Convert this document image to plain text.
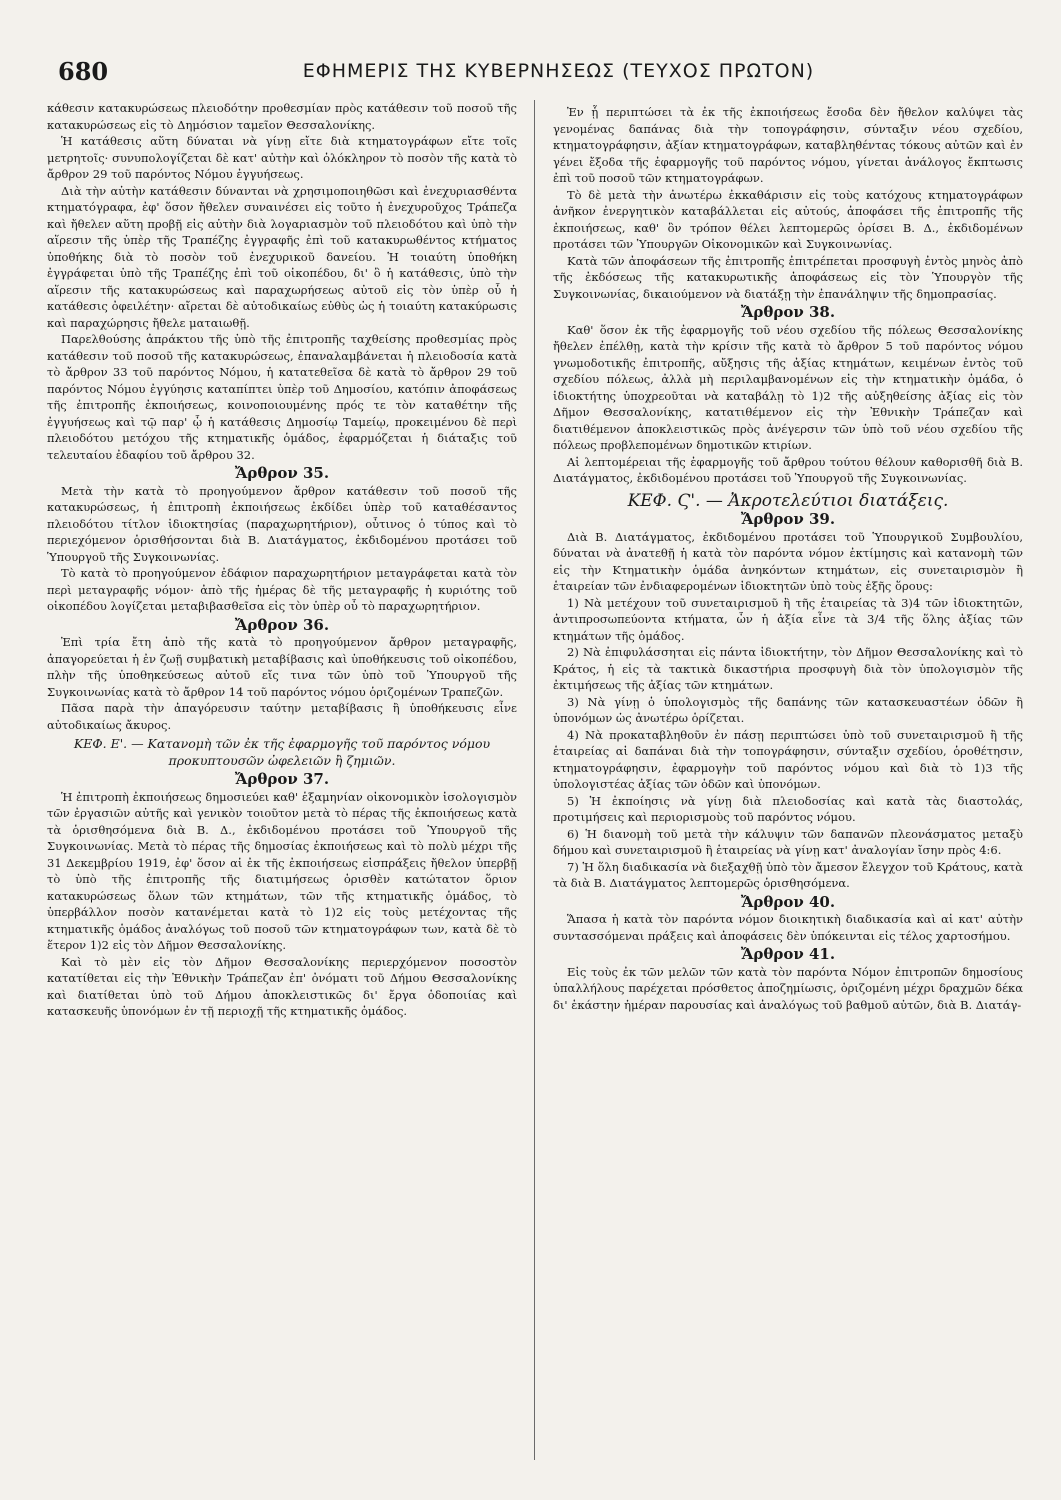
680	ΕΦΗΜΕΡΙΣ ΤΗΣ ΚΥΒΕΡΝΗΣΕΩΣ (ΤΕΥΧΟΣ ΠΡΩΤΟΝ)

κάθεσιν κατακυρώσεως πλειοδότην προθεσμίαν πρὸς κατάθεσιν τοῦ ποσοῦ τῆς κατακυρώσεως εἰς τὸ Δημόσιον ταμεῖον Θεσσαλονίκης.

Ἡ κατάθεσις αὕτη δύναται νὰ γίνῃ εἴτε διὰ κτηματογράφων εἴτε τοῖς μετρητοῖς· συνυπολογίζεται δὲ κατ' αὐτὴν καὶ ὁλόκληρον τὸ ποσὸν τῆς κατὰ τὸ ἄρθρον 29 τοῦ παρόντος Νόμου ἐγγυήσεως.

Διὰ τὴν αὐτὴν κατάθεσιν δύνανται νὰ χρησιμοποιηθῶσι καὶ ἐνεχυριασθέντα κτηματόγραφα, ἐφ' ὅσον ἤθελεν συναινέσει εἰς τοῦτο ἡ ἐνεχυροῦχος Τράπεζα καὶ ἤθελεν αὕτη προβῇ εἰς αὐτὴν διὰ λογαριασμὸν τοῦ πλειοδότου καὶ ὑπὸ τὴν αἵρεσιν τῆς ὑπὲρ τῆς Τραπέζης ἐγγραφῆς ἐπὶ τοῦ κατακυρωθέντος κτήματος ὑποθήκης διὰ τὸ ποσὸν τοῦ ἐνεχυρικοῦ δανείου. Ἡ τοιαύτη ὑποθήκη ἐγγράφεται ὑπὸ τῆς Τραπέζης ἐπὶ τοῦ οἰκοπέδου, δι' ὃ ἡ κατάθεσις, ὑπὸ τὴν αἵρεσιν τῆς κατακυρώσεως καὶ παραχωρήσεως αὐτοῦ εἰς τὸν ὑπὲρ οὗ ἡ κατάθεσις ὀφειλέτην· αἴρεται δὲ αὐτοδικαίως εὐθὺς ὡς ἡ τοιαύτη κατακύρωσις καὶ παραχώρησις ἤθελε ματαιωθῇ.

Παρελθούσης ἀπράκτου τῆς ὑπὸ τῆς ἐπιτροπῆς ταχθείσης προθεσμίας πρὸς κατάθεσιν τοῦ ποσοῦ τῆς κατακυρώσεως, ἐπαναλαμβάνεται ἡ πλειοδοσία κατὰ τὸ ἄρθρον 33 τοῦ παρόντος Νόμου, ἡ κατατεθεῖσα δὲ κατὰ τὸ ἄρθρον 29 τοῦ παρόντος Νόμου ἐγγύησις καταπίπτει ὑπὲρ τοῦ Δημοσίου, κατόπιν ἀποφάσεως τῆς ἐπιτροπῆς ἐκποιήσεως, κοινοποιουμένης πρός τε τὸν καταθέτην τῆς ἐγγυήσεως καὶ τῷ παρ' ᾧ ἡ κατάθεσις Δημοσίῳ Ταμείῳ, προκειμένου δὲ περὶ πλειοδότου μετόχου τῆς κτηματικῆς ὁμάδος, ἐφαρμόζεται ἡ διάταξις τοῦ τελευταίου ἐδαφίου τοῦ ἄρθρου 32.

Ἄρθρον 35.

Μετὰ τὴν κατὰ τὸ προηγούμενον ἄρθρον κατάθεσιν τοῦ ποσοῦ τῆς κατακυρώσεως, ἡ ἐπιτροπὴ ἐκποιήσεως ἐκδίδει ὑπὲρ τοῦ καταθέσαντος πλειοδότου τίτλον ἰδιοκτησίας (παραχωρητήριον), οὗτινος ὁ τύπος καὶ τὸ περιεχόμενον ὁρισθήσονται διὰ Β. Διατάγματος, ἐκδιδομένου προτάσει τοῦ Ὑπουργοῦ τῆς Συγκοινωνίας.

Τὸ κατὰ τὸ προηγούμενον ἐδάφιον παραχωρητήριον μεταγράφεται κατὰ τὸν περὶ μεταγραφῆς νόμον· ἀπὸ τῆς ἡμέρας δὲ τῆς μεταγραφῆς ἡ κυριότης τοῦ οἰκοπέδου λογίζεται μεταβιβασθεῖσα εἰς τὸν ὑπὲρ οὗ τὸ παραχωρητήριον.

Ἄρθρον 36.

Ἐπὶ τρία ἔτη ἀπὸ τῆς κατὰ τὸ προηγούμενον ἄρθρον μεταγραφῆς, ἀπαγορεύεται ἡ ἐν ζωῇ συμβατικὴ μεταβίβασις καὶ ὑποθήκευσις τοῦ οἰκοπέδου, πλὴν τῆς ὑποθηκεύσεως αὐτοῦ εἴς τινα τῶν ὑπὸ τοῦ Ὑπουργοῦ τῆς Συγκοινωνίας κατὰ τὸ ἄρθρον 14 τοῦ παρόντος νόμου ὁριζομένων Τραπεζῶν.

Πᾶσα παρὰ τὴν ἀπαγόρευσιν ταύτην μεταβίβασις ἢ ὑποθήκευσις εἶνε αὐτοδικαίως ἄκυρος.

ΚΕΦ. Ε'. — Κατανομὴ τῶν ἐκ τῆς ἐφαρμογῆς τοῦ παρόντος νόμου προκυπτουσῶν ὠφελειῶν ἢ ζημιῶν.
Ἄρθρον 37.

Ἡ ἐπιτροπὴ ἐκποιήσεως δημοσιεύει καθ' ἑξαμηνίαν οἰκονομικὸν ἰσολογισμὸν τῶν ἐργασιῶν αὐτῆς καὶ γενικὸν τοιοῦτον μετὰ τὸ πέρας τῆς ἐκποιήσεως κατὰ τὰ ὁρισθησόμενα διὰ Β. Δ., ἐκδιδομένου προτάσει τοῦ Ὑπουργοῦ τῆς Συγκοινωνίας. Μετὰ τὸ πέρας τῆς δημοσίας ἐκποιήσεως καὶ τὸ πολὺ μέχρι τῆς 31 Δεκεμβρίου 1919, ἐφ' ὅσον αἱ ἐκ τῆς ἐκποιήσεως εἰσπράξεις ἤθελον ὑπερβῇ τὸ ὑπὸ τῆς ἐπιτροπῆς τῆς διατιμήσεως ὁρισθὲν κατώτατον ὅριον κατακυρώσεως ὅλων τῶν κτημάτων, τῶν τῆς κτηματικῆς ὁμάδος, τὸ ὑπερβάλλον ποσὸν κατανέμεται κατὰ τὸ 1)2 εἰς τοὺς μετέχοντας τῆς κτηματικῆς ὁμάδος ἀναλόγως τοῦ ποσοῦ τῶν κτηματογράφων των, κατὰ δὲ τὸ ἕτερον 1)2 εἰς τὸν Δῆμον Θεσσαλονίκης.

Καὶ τὸ μὲν εἰς τὸν Δῆμον Θεσσαλονίκης περιερχόμενον ποσοστὸν κατατίθεται εἰς τὴν Ἐθνικὴν Τράπεζαν ἐπ' ὀνόματι τοῦ Δήμου Θεσσαλονίκης καὶ διατίθεται ὑπὸ τοῦ Δήμου ἀποκλειστικῶς δι' ἔργα ὁδοποιίας καὶ κατασκευῆς ὑπονόμων ἐν τῇ περιοχῇ τῆς κτηματικῆς ὁμάδος.

Ἐν ᾗ περιπτώσει τὰ ἐκ τῆς ἐκποιήσεως ἔσοδα δὲν ἤθελον καλύψει τὰς γενομένας δαπάνας διὰ τὴν τοπογράφησιν, σύνταξιν νέου σχεδίου, κτηματογράφησιν, ἀξίαν κτηματογράφων, καταβληθέντας τόκους αὐτῶν καὶ ἐν γένει ἔξοδα τῆς ἐφαρμογῆς τοῦ παρόντος νόμου, γίνεται ἀνάλογος ἔκπτωσις ἐπὶ τοῦ ποσοῦ τῶν κτηματογράφων.

Τὸ δὲ μετὰ τὴν ἀνωτέρω ἐκκαθάρισιν εἰς τοὺς κατόχους κτηματογράφων ἀνῆκον ἐνεργητικὸν καταβάλλεται εἰς αὐτούς, ἀποφάσει τῆς ἐπιτροπῆς τῆς ἐκποιήσεως, καθ' ὃν τρόπον θέλει λεπτομερῶς ὁρίσει Β. Δ., ἐκδιδομένων προτάσει τῶν Ὑπουργῶν Οἰκονομικῶν καὶ Συγκοινωνίας.

Κατὰ τῶν ἀποφάσεων τῆς ἐπιτροπῆς ἐπιτρέπεται προσφυγὴ ἐντὸς μηνὸς ἀπὸ τῆς ἐκδόσεως τῆς κατακυρωτικῆς ἀποφάσεως εἰς τὸν Ὑπουργὸν τῆς Συγκοινωνίας, δικαιούμενον νὰ διατάξῃ τὴν ἐπανάληψιν τῆς δημοπρασίας.

Ἄρθρον 38.

Καθ' ὅσον ἐκ τῆς ἐφαρμογῆς τοῦ νέου σχεδίου τῆς πόλεως Θεσσαλονίκης ἤθελεν ἐπέλθῃ, κατὰ τὴν κρίσιν τῆς κατὰ τὸ ἄρθρον 5 τοῦ παρόντος νόμου γνωμοδοτικῆς ἐπιτροπῆς, αὔξησις τῆς ἀξίας κτημάτων, κειμένων ἐντὸς τοῦ σχεδίου πόλεως, ἀλλὰ μὴ περιλαμβανομένων εἰς τὴν κτηματικὴν ὁμάδα, ὁ ἰδιοκτήτης ὑποχρεοῦται νὰ καταβάλῃ τὸ 1)2 τῆς αὐξηθείσης ἀξίας εἰς τὸν Δῆμον Θεσσαλονίκης, κατατιθέμενον εἰς τὴν Ἐθνικὴν Τράπεζαν καὶ διατιθέμενον ἀποκλειστικῶς πρὸς ἀνέγερσιν τῶν ὑπὸ τοῦ νέου σχεδίου τῆς πόλεως προβλεπομένων δημοτικῶν κτιρίων.

Αἱ λεπτομέρειαι τῆς ἐφαρμογῆς τοῦ ἄρθρου τούτου θέλουν καθορισθῆ διὰ Β. Διατάγματος, ἐκδιδομένου προτάσει τοῦ Ὑπουργοῦ τῆς Συγκοινωνίας.

ΚΕΦ. Ϛ'. — Ἀκροτελεύτιοι διατάξεις.
Ἄρθρον 39.

Διὰ Β. Διατάγματος, ἐκδιδομένου προτάσει τοῦ Ὑπουργικοῦ Συμβουλίου, δύναται νὰ ἀνατεθῇ ἡ κατὰ τὸν παρόντα νόμον ἐκτίμησις καὶ κατανομὴ τῶν εἰς τὴν Κτηματικὴν ὁμάδα ἀνηκόντων κτημάτων, εἰς συνεταιρισμὸν ἢ ἑταιρείαν τῶν ἐνδιαφερομένων ἰδιοκτητῶν ὑπὸ τοὺς ἑξῆς ὅρους:

1) Νὰ μετέχουν τοῦ συνεταιρισμοῦ ἢ τῆς ἑταιρείας τὰ 3)4 τῶν ἰδιοκτητῶν, ἀντιπροσωπεύοντα κτήματα, ὧν ἡ ἀξία εἶνε τὰ 3/4 τῆς ὅλης ἀξίας τῶν κτημάτων τῆς ὁμάδος.

2) Νὰ ἐπιφυλάσσηται εἰς πάντα ἰδιοκτήτην, τὸν Δῆμον Θεσσαλονίκης καὶ τὸ Κράτος, ἡ εἰς τὰ τακτικὰ δικαστήρια προσφυγὴ διὰ τὸν ὑπολογισμὸν τῆς ἐκτιμήσεως τῆς ἀξίας τῶν κτημάτων.

3) Νὰ γίνῃ ὁ ὑπολογισμὸς τῆς δαπάνης τῶν κατασκευαστέων ὁδῶν ἢ ὑπονόμων ὡς ἀνωτέρω ὁρίζεται.

4) Νὰ προκαταβληθοῦν ἐν πάσῃ περιπτώσει ὑπὸ τοῦ συνεταιρισμοῦ ἢ τῆς ἑταιρείας αἱ δαπάναι διὰ τὴν τοπογράφησιν, σύνταξιν σχεδίου, ὁροθέτησιν, κτηματογράφησιν, ἐφαρμογὴν τοῦ παρόντος νόμου καὶ διὰ τὸ 1)3 τῆς ὑπολογιστέας ἀξίας τῶν ὁδῶν καὶ ὑπονόμων.

5) Ἡ ἐκποίησις νὰ γίνῃ διὰ πλειοδοσίας καὶ κατὰ τὰς διαστολάς, προτιμήσεις καὶ περιορισμοὺς τοῦ παρόντος νόμου.

6) Ἡ διανομὴ τοῦ μετὰ τὴν κάλυψιν τῶν δαπανῶν πλεονάσματος μεταξὺ δήμου καὶ συνεταιρισμοῦ ἢ ἑταιρείας νὰ γίνῃ κατ' ἀναλογίαν ἴσην πρὸς 4:6.

7) Ἡ ὅλη διαδικασία νὰ διεξαχθῇ ὑπὸ τὸν ἄμεσον ἔλεγχον τοῦ Κράτους, κατὰ τὰ διὰ Β. Διατάγματος λεπτομερῶς ὁρισθησόμενα.

Ἄρθρον 40.

Ἅπασα ἡ κατὰ τὸν παρόντα νόμον διοικητικὴ διαδικασία καὶ αἱ κατ' αὐτὴν συντασσόμεναι πράξεις καὶ ἀποφάσεις δὲν ὑπόκεινται εἰς τέλος χαρτοσήμου.

Ἄρθρον 41.

Εἰς τοὺς ἐκ τῶν μελῶν τῶν κατὰ τὸν παρόντα Νόμον ἐπιτροπῶν δημοσίους ὑπαλλήλους παρέχεται πρόσθετος ἀποζημίωσις, ὁριζομένη μέχρι δραχμῶν δέκα δι' ἑκάστην ἡμέραν παρουσίας καὶ ἀναλόγως τοῦ βαθμοῦ αὐτῶν, διὰ Β. Διατάγ-
